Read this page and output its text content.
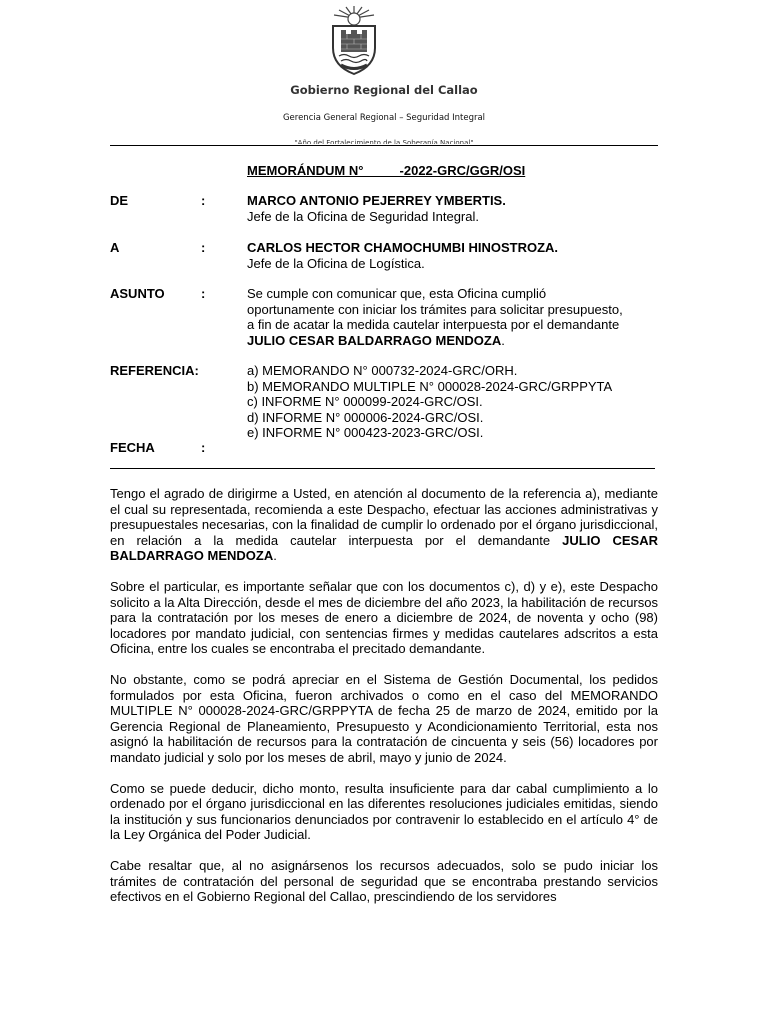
Gobierno Regional del Callao
Gerencia General Regional – Seguridad Integral
"Año del Fortalecimiento de la Soberanía Nacional"
MEMORÁNDUM N°          -2022-GRC/GGR/OSI
DE	:	MARCO ANTONIO PEJERREY YMBERTIS.
Jefe de la Oficina de Seguridad Integral.
A	:	CARLOS HECTOR CHAMOCHUMBI HINOSTROZA.
Jefe de la Oficina de Logística.
ASUNTO	:	Se cumple con comunicar que, esta Oficina cumplió
oportunamente con iniciar los trámites para solicitar presupuesto,
a fin de acatar la medida cautelar interpuesta por el demandante
JULIO CESAR BALDARRAGO MENDOZA.
REFERENCIA:	a) MEMORANDO N° 000732-2024-GRC/ORH.
b) MEMORANDO MULTIPLE N° 000028-2024-GRC/GRPPYTA
c) INFORME N° 000099-2024-GRC/OSI.
d) INFORME N° 000006-2024-GRC/OSI.
e) INFORME N° 000423-2023-GRC/OSI.
FECHA	:

Tengo el agrado de dirigirme a Usted, en atención al documento de la referencia a), mediante el cual su representada, recomienda a este Despacho, efectuar las acciones administrativas y presupuestales necesarias, con la finalidad de cumplir lo ordenado por el órgano jurisdiccional, en relación a la medida cautelar interpuesta por el demandante JULIO CESAR BALDARRAGO MENDOZA.

Sobre el particular, es importante señalar que con los documentos c), d) y e), este Despacho solicito a la Alta Dirección, desde el mes de diciembre del año 2023, la habilitación de recursos para la contratación por los meses de enero a diciembre de 2024, de noventa y ocho (98) locadores por mandato judicial, con sentencias firmes y medidas cautelares adscritos a esta Oficina, entre los cuales se encontraba el precitado demandante.

No obstante, como se podrá apreciar en el Sistema de Gestión Documental, los pedidos formulados por esta Oficina, fueron archivados o como en el caso del MEMORANDO MULTIPLE N° 000028-2024-GRC/GRPPYTA de fecha 25 de marzo de 2024, emitido por la Gerencia Regional de Planeamiento, Presupuesto y Acondicionamiento Territorial, esta nos asignó la habilitación de recursos para la contratación de cincuenta y seis (56) locadores por mandato judicial y solo por los meses de abril, mayo y junio de 2024.

Como se puede deducir, dicho monto, resulta insuficiente para dar cabal cumplimiento a lo ordenado por el órgano jurisdiccional en las diferentes resoluciones judiciales emitidas, siendo la institución y sus funcionarios denunciados por contravenir lo establecido en el artículo 4° de la Ley Orgánica del Poder Judicial.

Cabe resaltar que, al no asignársenos los recursos adecuados, solo se pudo iniciar los trámites de contratación del personal de seguridad que se encontraba prestando servicios efectivos en el Gobierno Regional del Callao, prescindiendo de los servidores
